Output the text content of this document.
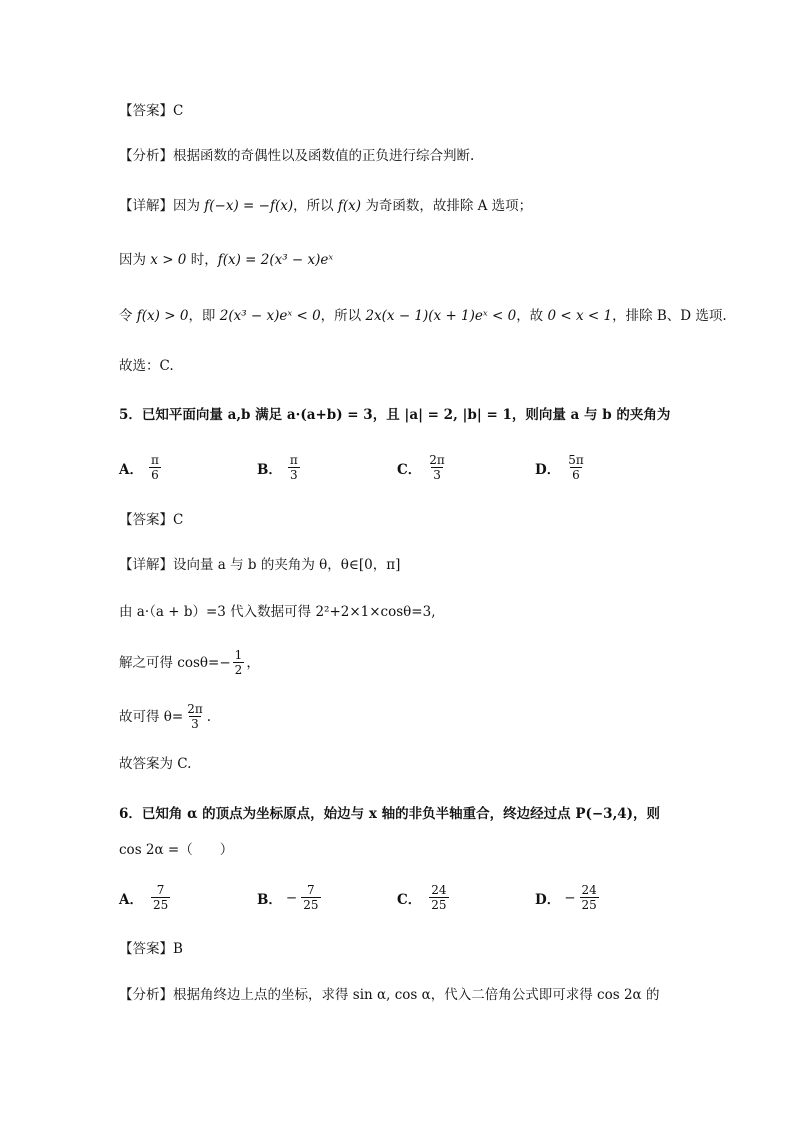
【答案】C
【分析】根据函数的奇偶性以及函数值的正负进行综合判断.
【详解】因为 f(−x) = −f(x)，所以 f(x) 为奇函数，故排除 A 选项；
因为 x > 0 时，f(x) = 2(x³ − x)eˣ
令 f(x) > 0，即 2(x³ − x)eˣ < 0，所以 2x(x − 1)(x + 1)eˣ < 0，故 0 < x < 1，排除 B、D 选项.
故选：C.
5．已知平面向量 a,b 满足 a·(a+b) = 3，且 |a| = 2, |b| = 1，则向量 a 与 b 的夹角为
A． $\frac{\pi}{6}$	B． $\frac{\pi}{3}$	C． $\frac{2\pi}{3}$	D． $\frac{5\pi}{6}$
【答案】C
【详解】设向量 a 与 b 的夹角为 θ，θ∈[0，π]
由 a·（a + b）=3 代入数据可得 2²+2×1×cosθ=3,
解之可得 $\cos\theta=- \frac{1}{2}$ ，
故可得 $\theta= \frac{2\pi}{3}$ .
故答案为 C.
6．已知角 α 的顶点为坐标原点，始边与 x 轴的非负半轴重合，终边经过点 P(−3,4)，则
cos 2α =（　　）
A． $\frac{7}{25}$	B． − $\frac{7}{25}$	C． $\frac{24}{25}$	D． − $\frac{24}{25}$
【答案】B
【分析】根据角终边上点的坐标，求得 sin α, cos α，代入二倍角公式即可求得 cos 2α 的
